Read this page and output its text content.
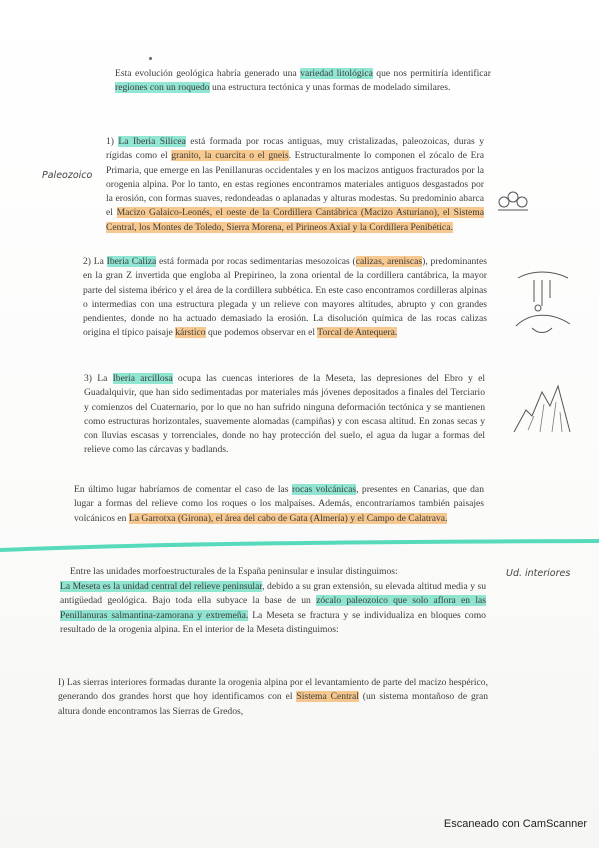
Esta evolución geológica habría generado una variedad litológica que nos permitiría identificar regiones con un roquedo una estructura tectónica y unas formas de modelado similares.

1) La Iberia Silícea está formada por rocas antiguas, muy cristalizadas, paleozoicas, duras y rígidas como el granito, la cuarcita o el gneis. Estructuralmente lo componen el zócalo de Era Primaria, que emerge en las Penillanuras occidentales y en los macizos antiguos fracturados por la orogenia alpina. Por lo tanto, en estas regiones encontramos materiales antiguos desgastados por la erosión, con formas suaves, redondeadas o aplanadas y alturas modestas. Su predominio abarca el Macizo Galaico-Leonés, el oeste de la Cordillera Cantábrica (Macizo Asturiano), el Sistema Central, los Montes de Toledo, Sierra Morena, el Pirineos Axial y la Cordillera Penibética.

2) La Iberia Caliza está formada por rocas sedimentarias mesozoicas (calizas, areniscas), predominantes en la gran Z invertida que engloba al Prepirineo, la zona oriental de la cordillera cantábrica, la mayor parte del sistema ibérico y el área de la cordillera subbética. En este caso encontramos cordilleras alpinas o intermedias con una estructura plegada y un relieve con mayores altitudes, abrupto y con grandes pendientes, donde no ha actuado demasiado la erosión. La disolución química de las rocas calizas origina el típico paisaje kárstico que podemos observar en el Torcal de Antequera.

3) La Iberia arcillosa ocupa las cuencas interiores de la Meseta, las depresiones del Ebro y el Guadalquivir, que han sido sedimentadas por materiales más jóvenes depositados a finales del Terciario y comienzos del Cuaternario, por lo que no han sufrido ninguna deformación tectónica y se mantienen como estructuras horizontales, suavemente alomadas (campiñas) y con escasa altitud. En zonas secas y con lluvias escasas y torrenciales, donde no hay protección del suelo, el agua da lugar a formas del relieve como las cárcavas y badlands.

En último lugar habríamos de comentar el caso de las rocas volcánicas, presentes en Canarias, que dan lugar a formas del relieve como los roques o los malpaíses. Además, encontraríamos también paisajes volcánicos en La Garrotxa (Girona), el área del cabo de Gata (Almería) y el Campo de Calatrava.

Entre las unidades morfoestructurales de la España peninsular e insular distinguimos:

La Meseta es la unidad central del relieve peninsular, debido a su gran extensión, su elevada altitud media y su antigüedad geológica. Bajo toda ella subyace la base de un zócalo paleozoico que solo aflora en las Penillanuras salmantina-zamorana y extremeña. La Meseta se fractura y se individualiza en bloques como resultado de la orogenia alpina. En el interior de la Meseta distinguimos:

I) Las sierras interiores formadas durante la orogenia alpina por el levantamiento de parte del macizo hespérico, generando dos grandes horst que hoy identificamos con el Sistema Central (un sistema montañoso de gran altura donde encontramos las Sierras de Gredos,

Paleozoico
Ud. interiores
Escaneado con CamScanner
